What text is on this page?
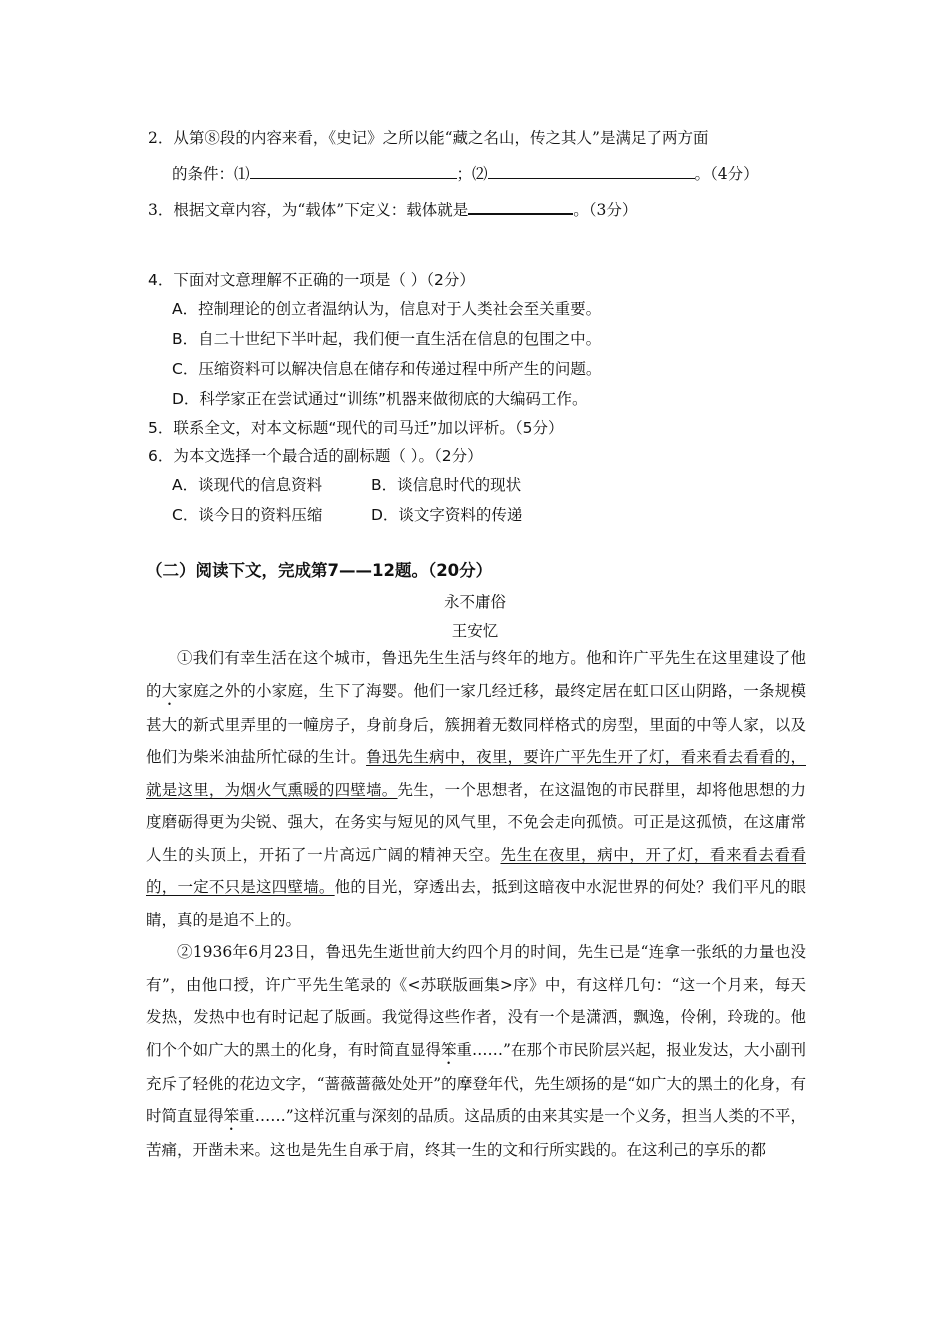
2．从第⑧段的内容来看，《史记》之所以能“藏之名山，传之其人”是满足了两方面
的条件：⑴	；⑵	。（4分）
3．根据文章内容，为“载体”下定义：载体就是	。（3分）
4．下面对文意理解不正确的一项是（ ）（2分）
A．控制理论的创立者温纳认为，信息对于人类社会至关重要。
B．自二十世纪下半叶起，我们便一直生活在信息的包围之中。
C．压缩资料可以解决信息在储存和传递过程中所产生的问题。
D．科学家正在尝试通过“训练”机器来做彻底的大编码工作。
5．联系全文，对本文标题“现代的司马迁”加以评析。（5分）
6．为本文选择一个最合适的副标题（ ）。（2分）
A．谈现代的信息资料	B．谈信息时代的现状
C．谈今日的资料压缩	D．谈文字资料的传递
（二）阅读下文，完成第7——12题。（20分）
永不庸俗
王安忆

①我们有幸生活在这个城市，鲁迅先生生活与终年的地方。他和许广平先生在这里建设了他的大家庭之外的小家庭，生下了海婴。他们一家几经迁移，最终定居在虹口区山阴路，一条规模甚大的新式里弄里的一幢房子，身前身后，簇拥着无数同样格式的房型，里面的中等人家，以及他们为柴米油盐所忙碌的生计。鲁迅先生病中，夜里，要许广平先生开了灯，看来看去看看的，就是这里，为烟火气熏暖的四壁墙。先生，一个思想者，在这温饱的市民群里，却将他思想的力度磨砺得更为尖锐、强大，在务实与短见的风气里，不免会走向孤愤。可正是这孤愤，在这庸常人生的头顶上，开拓了一片高远广阔的精神天空。先生在夜里，病中，开了灯，看来看去看看的，一定不只是这四壁墙。他的目光，穿透出去，抵到这暗夜中水泥世界的何处？我们平凡的眼睛，真的是追不上的。

②1936年6月23日，鲁迅先生逝世前大约四个月的时间，先生已是“连拿一张纸的力量也没有”，由他口授，许广平先生笔录的《<苏联版画集>序》中，有这样几句：“这一个月来，每天发热，发热中也有时记起了版画。我觉得这些作者，没有一个是潇洒，飘逸，伶俐，玲珑的。他们个个如广大的黑土的化身，有时简直显得笨重……”在那个市民阶层兴起，报业发达，大小副刊充斥了轻佻的花边文字，“蔷薇蔷薇处处开”的摩登年代，先生颂扬的是“如广大的黑土的化身，有时简直显得笨重……”这样沉重与深刻的品质。这品质的由来其实是一个义务，担当人类的不平，苦痛，开凿未来。这也是先生自承于肩，终其一生的文和行所实践的。在这利己的享乐的都
